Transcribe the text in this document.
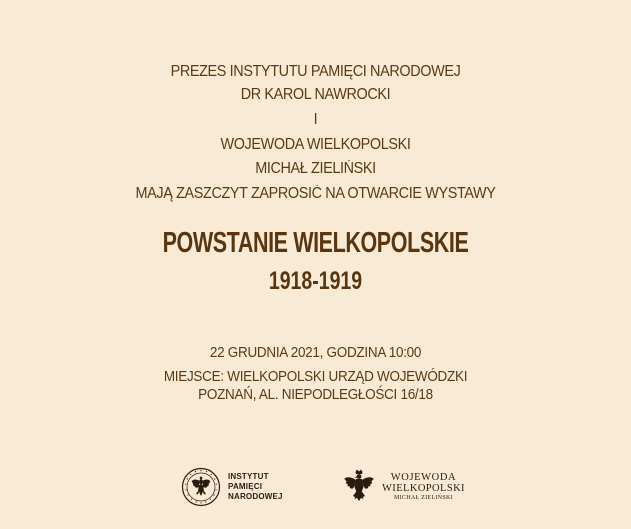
PREZES INSTYTUTU PAMIĘCI NARODOWEJ
DR KAROL NAWROCKI
I
WOJEWODA WIELKOPOLSKI
MICHAŁ ZIELIŃSKI
MAJĄ ZASZCZYT ZAPROSIĆ NA OTWARCIE WYSTAWY
POWSTANIE WIELKOPOLSKIE
1918-1919
22 GRUDNIA 2021, GODZINA 10:00
MIEJSCE: WIELKOPOLSKI URZĄD WOJEWÓDZKI
POZNAŃ, AL. NIEPODLEGŁOŚCI 16/18
INSTYTUT
PAMIĘCI
NARODOWEJ
WOJEWODA
WIELKOPOLSKI
MICHAŁ ZIELIŃSKI
